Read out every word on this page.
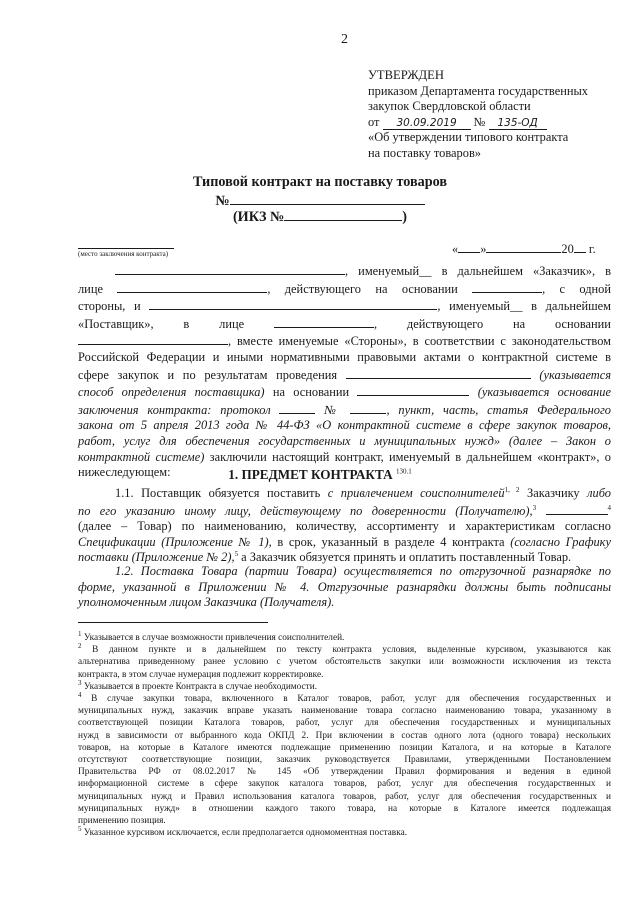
2
УТВЕРЖДЕН
приказом Департамента государственных
закупок Свердловской области
от 30.09.2019 № 135-ОД
«Об утверждении типового контракта
на поставку товаров»
Типовой контракт на поставку товаров
№
(ИКЗ №	)
(место заключения контракта)	« »	20 г.
, именуемый__ в дальнейшем «Заказчик», в
лице	, действующего на основании	, с одной
стороны, и	, именуемый__ в дальнейшем
«Поставщик», в лице	, действующего на основании
, вместе именуемые «Стороны», в соответствии с законодательством
Российской Федерации и иными нормативными правовыми актами о контрактной системе в
сфере закупок и по результатам проведения	(указывается
способ определения поставщика) на основании	(указывается основание
заключения контракта: протокол	№	, пункт, часть, статья Федерального
закона от 5 апреля 2013 года № 44-ФЗ «О контрактной системе в сфере закупок товаров,
работ, услуг для обеспечения государственных и муниципальных нужд» (далее – Закон о
контрактной системе) заключили настоящий контракт, именуемый в дальнейшем «контракт», о
нижеследующем:	1. ПРЕДМЕТ КОНТРАКТА $^{130.1}$
1.1. Поставщик обязуется поставить с привлечением соисполнителей$^{1, 2}$ Заказчику либо
по его указанию иному лицу, действующему по доверенности (Получателю),$^3$	$^4$
(далее – Товар) по наименованию, количеству, ассортименту и характеристикам согласно
Спецификации (Приложение № 1), в срок, указанный в разделе 4 контракта (согласно Графику
поставки (Приложение № 2),$^5$ а Заказчик обязуется принять и оплатить поставленный Товар.
1.2. Поставка Товара (партии Товара) осуществляется по отгрузочной разнарядке по
форме, указанной в Приложении № 4. Отгрузочные разнарядки должны быть подписаны
уполномоченным лицом Заказчика (Получателя).
$^1$ Указывается в случае возможности привлечения соисполнителей.
$^2$ В данном пункте и в дальнейшем по тексту контракта условия, выделенные курсивом, указываются как
альтернатива приведенному ранее условию с учетом обстоятельств закупки или возможности исключения из текста
контракта, в этом случае нумерация подлежит корректировке.
$^3$ Указывается в проекте Контракта в случае необходимости.
$^4$ В случае закупки товара, включенного в Каталог товаров, работ, услуг для обеспечения государственных и
муниципальных нужд, заказчик вправе указать наименование товара согласно наименованию товара, указанному в
соответствующей позиции Каталога товаров, работ, услуг для обеспечения государственных и муниципальных
нужд в зависимости от выбранного кода ОКПД 2. При включении в состав одного лота (одного товара) нескольких
товаров, на которые в Каталоге имеются подлежащие применению позиции Каталога, и на которые в Каталоге
отсутствуют соответствующие позиции, заказчик руководствуется Правилами, утвержденными Постановлением
Правительства РФ от 08.02.2017 № 145 «Об утверждении Правил формирования и ведения в единой
информационной системе в сфере закупок каталога товаров, работ, услуг для обеспечения государственных и
муниципальных нужд и Правил использования каталога товаров, работ, услуг для обеспечения государственных и
муниципальных нужд» в отношении каждого такого товара, на которые в Каталоге имеется подлежащая
применению позиция.
$^5$ Указанное курсивом исключается, если предполагается одномоментная поставка.
